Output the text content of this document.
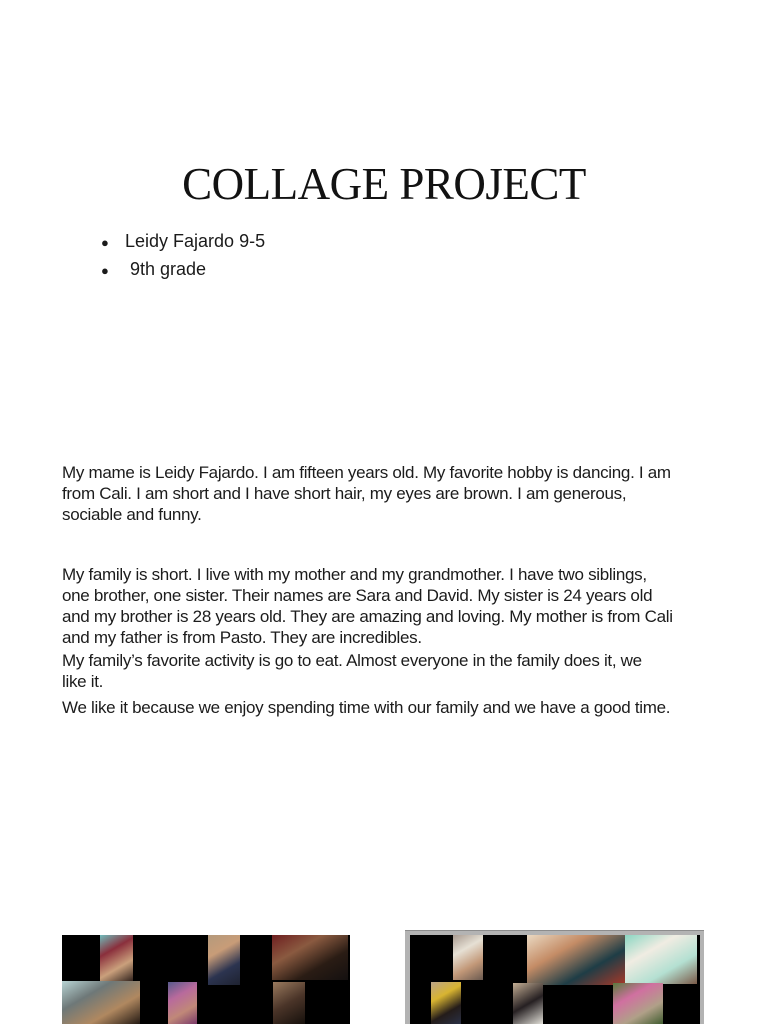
COLLAGE PROJECT
● Leidy Fajardo 9-5
●	9th grade
My mame is Leidy Fajardo. I am fifteen years old. My favorite hobby is dancing. I am
from Cali. I am short and I have short hair, my eyes are brown. I am generous,
sociable and funny.
My family is short. I live with my mother and my grandmother. I have two siblings,
one brother, one sister. Their names are Sara and David. My sister is 24 years old
and my brother is 28 years old. They are amazing and loving. My mother is from Cali
and my father is from Pasto. They are incredibles.
My family’s favorite activity is go to eat. Almost everyone in the family does it, we
like it.
We like it because we enjoy spending time with our family and we have a good time.
